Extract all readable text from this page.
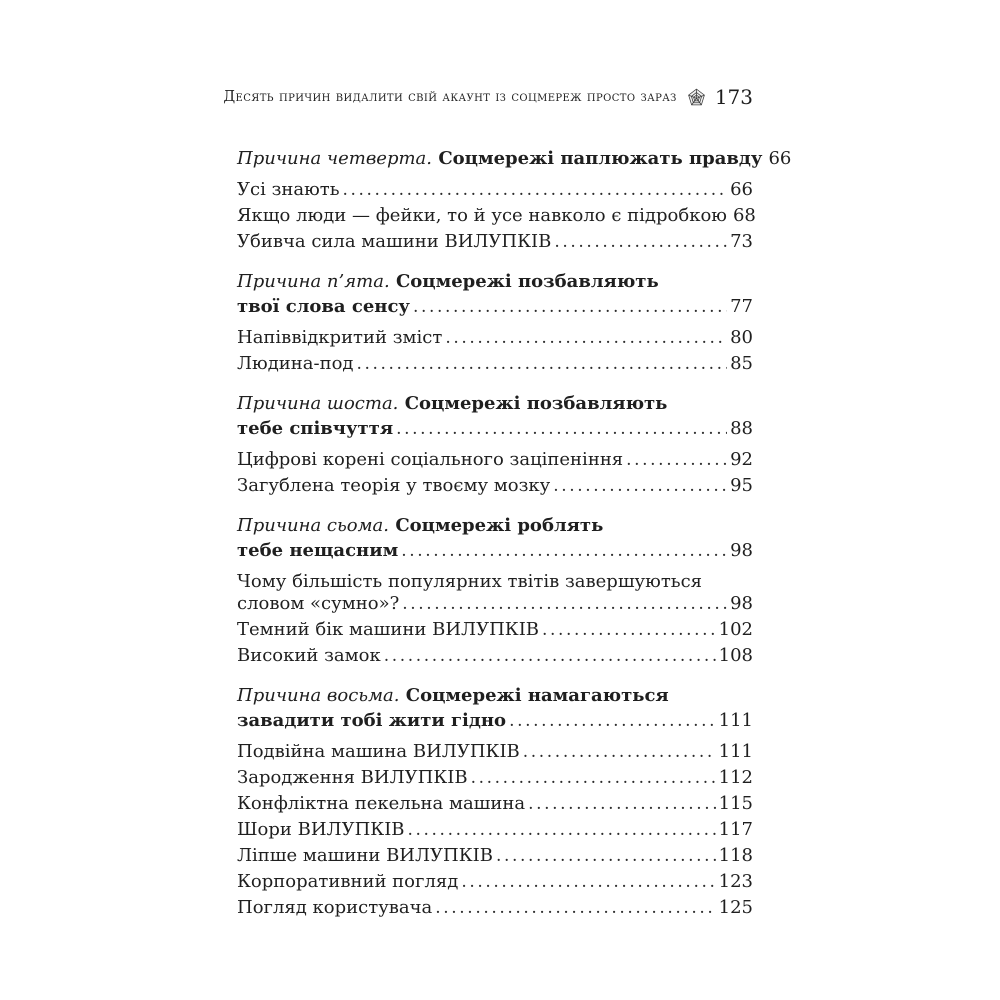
Десять причин видалити свій акаунт із соцмереж просто зараз 173
Причина четверта. Соцмережі паплюжать правду 66
Усі знають .....	66
Якщо люди — фейки, то й усе навколо є підробкою 68
Убивча сила машини ВИЛУПКІВ .....	73
Причина п’ята. Соцмережі позбавляють
твої слова сенсу .....	77
Напіввідкритий зміст .....	80
Людина-под .....	85
Причина шоста. Соцмережі позбавляють
тебе співчуття .....	88
Цифрові корені соціального заціпеніння .....	92
Загублена теорія у твоєму мозку .....	95
Причина сьома. Соцмережі роблять
тебе нещасним .....	98
Чому більшість популярних твітів завершуються
словом «сумно»? .....	98
Темний бік машини ВИЛУПКІВ .....	102
Високий замок .....	108
Причина восьма. Соцмережі намагаються
завадити тобі жити гідно .....	111
Подвійна машина ВИЛУПКІВ .....	111
Зародження ВИЛУПКІВ .....	112
Конфліктна пекельна машина .....	115
Шори ВИЛУПКІВ .....	117
Ліпше машини ВИЛУПКІВ .....	118
Корпоративний погляд .....	123
Погляд користувача .....	125
